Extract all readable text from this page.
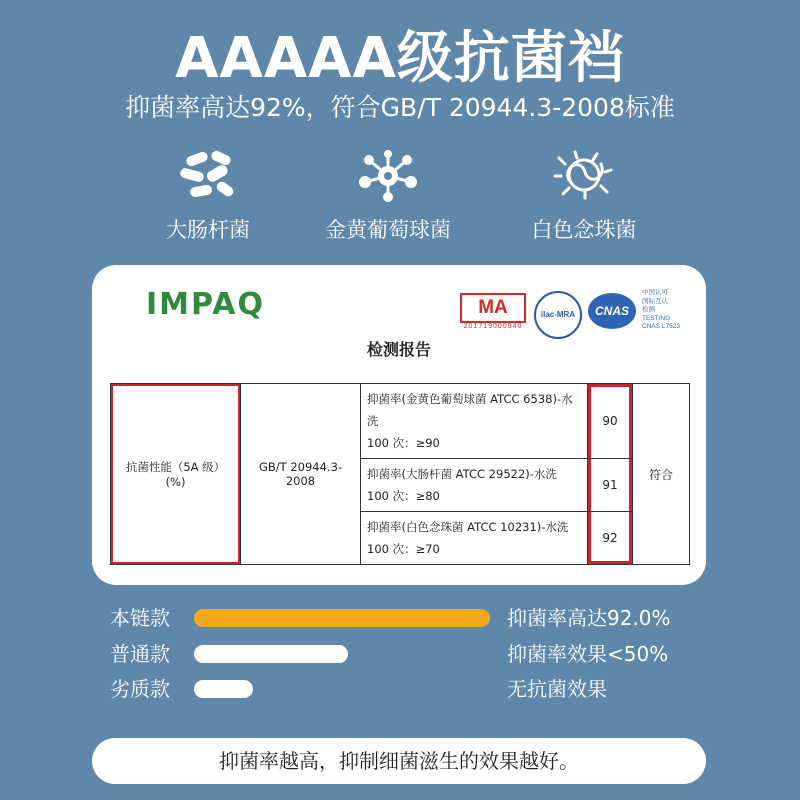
AAAAA级抗菌裆
抑菌率高达92%，符合GB/T 20944.3-2008标准
大肠杆菌	金黄葡萄球菌	白色念珠菌
IMPAQ	MA
201719000940
ilac-MRA	CNAS
中国认可
国际互认
检测
TESTING
CNAS L7523
检测报告
抗菌性能（5A 级）(%)	GB/T 20944.3-2008	抑菌率(金黄色葡萄球菌 ATCC 6538)-水洗
100 次：≥90	90	符合

		抑菌率(大肠杆菌 ATCC 29522)-水洗
100 次：≥80	91	

		抑菌率(白色念珠菌 ATCC 10231)-水洗
100 次：≥70	92	
本链款	抑菌率高达92.0%
普通款	抑菌率效果<50%
劣质款	无抗菌效果
抑菌率越高，抑制细菌滋生的效果越好。
